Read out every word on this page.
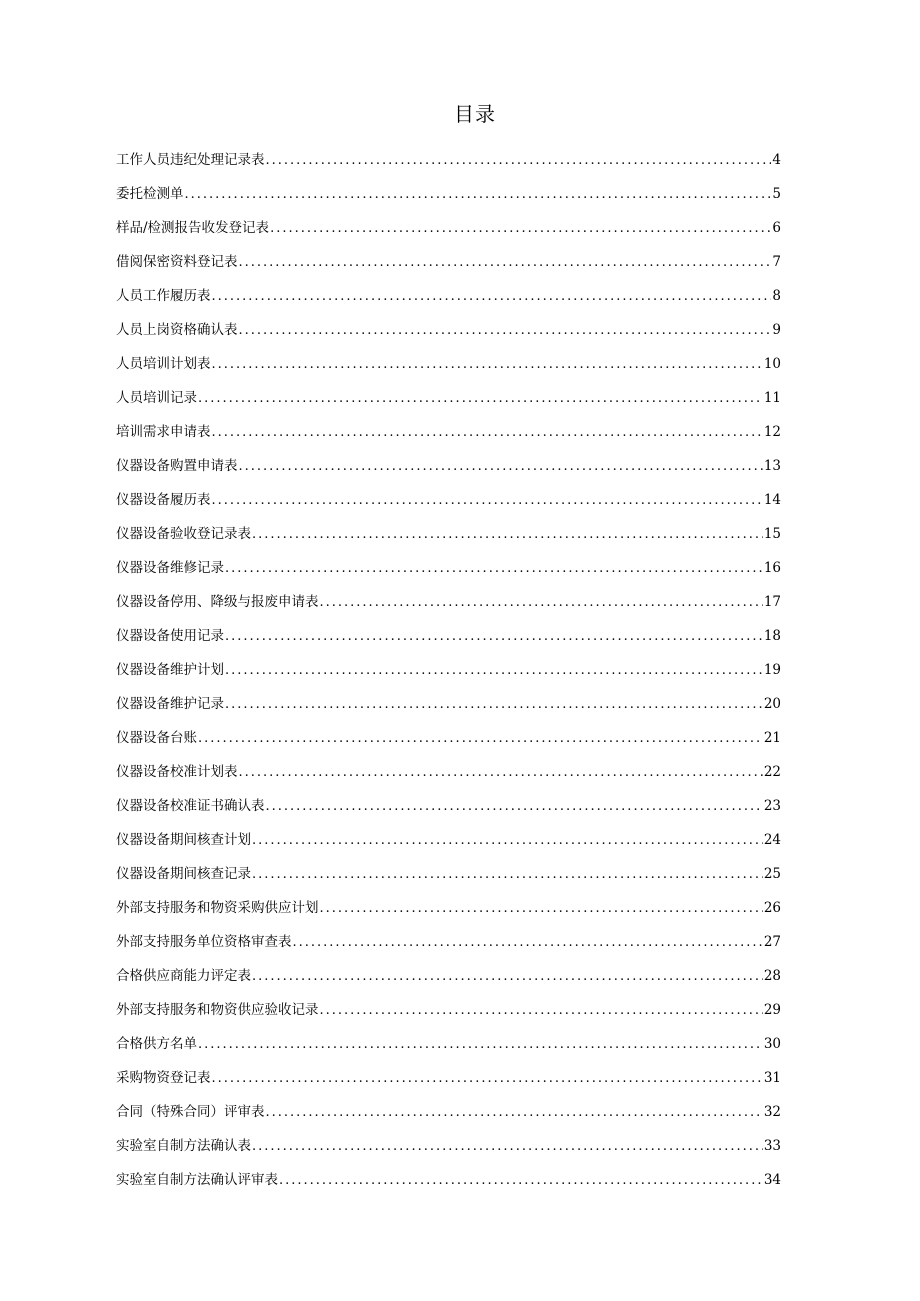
目录
工作人员违纪处理记录表 .....	4
委托检测单 .....	5
样品/检测报告收发登记表 .....	6
借阅保密资料登记表 .....	7
人员工作履历表 .....	8
人员上岗资格确认表 .....	9
人员培训计划表 .....	10
人员培训记录 .....	11
培训需求申请表 .....	12
仪器设备购置申请表 .....	13
仪器设备履历表 .....	14
仪器设备验收登记录表 .....	15
仪器设备维修记录 .....	16
仪器设备停用、降级与报废申请表 .....	17
仪器设备使用记录 .....	18
仪器设备维护计划 .....	19
仪器设备维护记录 .....	20
仪器设备台账 .....	21
仪器设备校准计划表 .....	22
仪器设备校准证书确认表 .....	23
仪器设备期间核查计划 .....	24
仪器设备期间核查记录 .....	25
外部支持服务和物资采购供应计划 .....	26
外部支持服务单位资格审查表 .....	27
合格供应商能力评定表 .....	28
外部支持服务和物资供应验收记录 .....	29
合格供方名单 .....	30
采购物资登记表 .....	31
合同（特殊合同）评审表 .....	32
实验室自制方法确认表 .....	33
实验室自制方法确认评审表 .....	34
